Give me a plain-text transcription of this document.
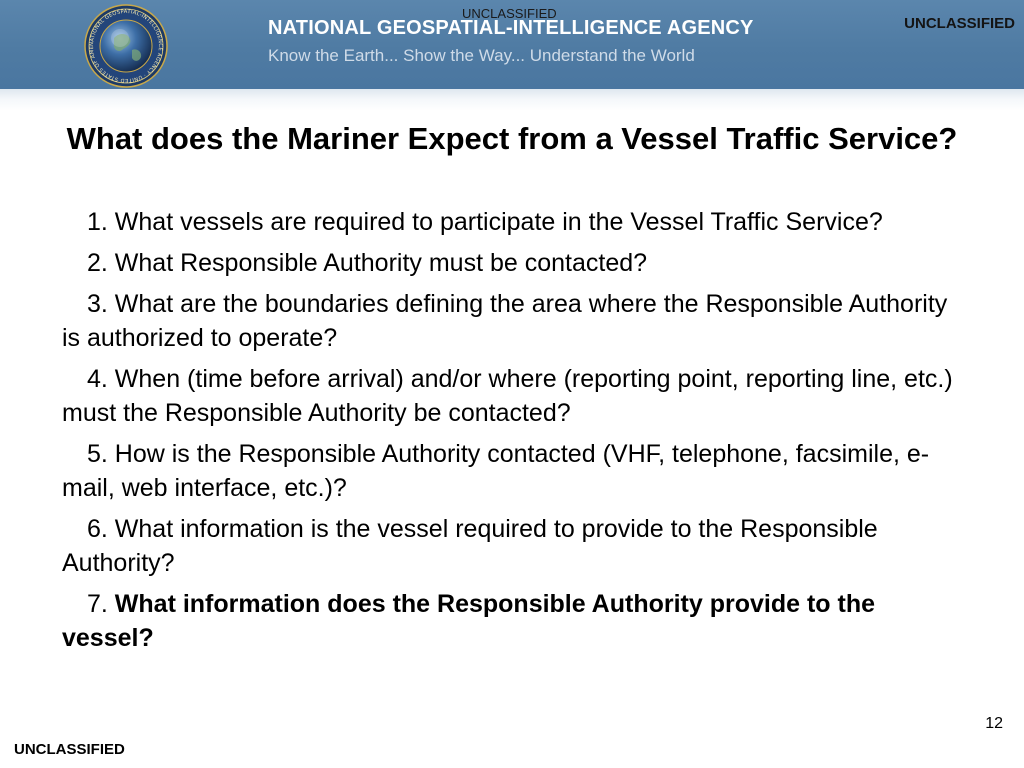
NATIONAL GEOSPATIAL-INTELLIGENCE AGENCY · UNITED STATES OF AME
NATIONAL GEOSPATIAL-INTELLIGENCE AGENCY
Know the Earth... Show the Way... Understand the World
UNCLASSIFIED
UNCLASSIFIED
What does the Mariner Expect from a Vessel Traffic Service?
1. What vessels are required to participate in the Vessel Traffic Service?
2. What Responsible Authority must be contacted?
3. What are the boundaries defining the area where the Responsible Authority is authorized to operate?
4. When (time before arrival) and/or where (reporting point, reporting line, etc.) must the Responsible Authority be contacted?
5. How is the Responsible Authority contacted (VHF, telephone, facsimile, e-mail, web interface, etc.)?
6. What information is the vessel required to provide to the Responsible Authority?
7. What information does the Responsible Authority provide to the vessel?
12
UNCLASSIFIED
